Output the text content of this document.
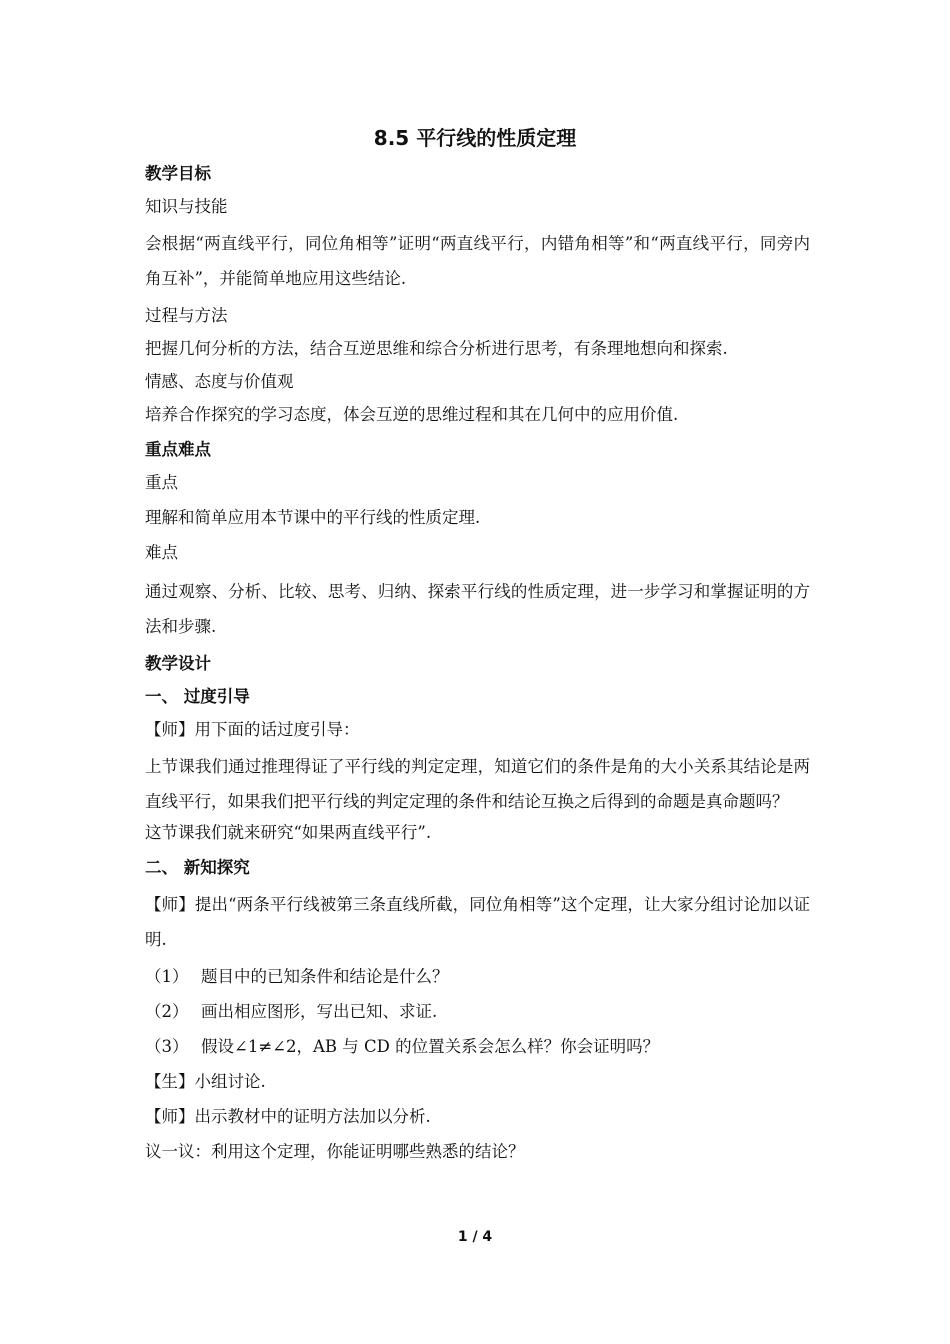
8.5 平行线的性质定理

教学目标

知识与技能

会根据“两直线平行，同位角相等”证明“两直线平行，内错角相等”和“两直线平行，同旁内角互补”，并能简单地应用这些结论.

过程与方法

把握几何分析的方法，结合互逆思维和综合分析进行思考，有条理地想向和探索.

情感、态度与价值观

培养合作探究的学习态度，体会互逆的思维过程和其在几何中的应用价值.

重点难点

重点

理解和简单应用本节课中的平行线的性质定理.

难点

通过观察、分析、比较、思考、归纳、探索平行线的性质定理，进一步学习和掌握证明的方法和步骤.

教学设计

一、 过度引导

【师】用下面的话过度引导：

上节课我们通过推理得证了平行线的判定定理，知道它们的条件是角的大小关系其结论是两直线平行，如果我们把平行线的判定定理的条件和结论互换之后得到的命题是真命题吗？

这节课我们就来研究“如果两直线平行”.

二、 新知探究

【师】提出“两条平行线被第三条直线所截，同位角相等”这个定理，让大家分组讨论加以证明.

（1） 题目中的已知条件和结论是什么？
（2） 画出相应图形，写出已知、求证.
（3） 假设∠1≠∠2，AB 与 CD 的位置关系会怎么样？你会证明吗？

【生】小组讨论.

【师】出示教材中的证明方法加以分析.

议一议：利用这个定理，你能证明哪些熟悉的结论？

1 / 4
